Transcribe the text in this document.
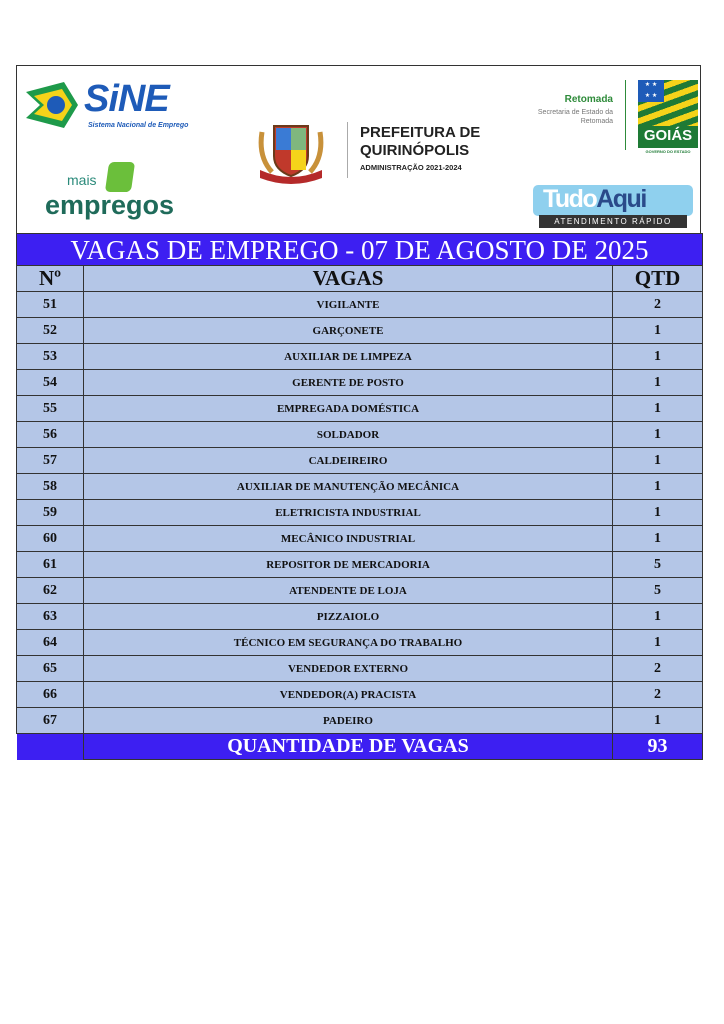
SiNE
Sistema Nacional de Emprego
mais
empregos
PREFEITURA DE
QUIRINÓPOLIS
ADMINISTRAÇÃO 2021-2024
Retomada
Secretaria de Estado da Retomada
★ ★
★ ★
GOIÁS
GOVERNO DO ESTADO
TudoAqui
ATENDIMENTO RÁPIDO
VAGAS DE EMPREGO - 07 DE AGOSTO DE 2025		
Nº	VAGAS	QTD
51	VIGILANTE	2
52	GARÇONETE	1
53	AUXILIAR DE LIMPEZA	1
54	GERENTE DE POSTO	1
55	EMPREGADA DOMÉSTICA	1
56	SOLDADOR	1
57	CALDEIREIRO	1
58	AUXILIAR DE MANUTENÇÃO MECÂNICA	1
59	ELETRICISTA INDUSTRIAL	1
60	MECÂNICO INDUSTRIAL	1
61	REPOSITOR DE MERCADORIA	5
62	ATENDENTE DE LOJA	5
63	PIZZAIOLO	1
64	TÉCNICO EM SEGURANÇA DO TRABALHO	1
65	VENDEDOR EXTERNO	2
66	VENDEDOR(A) PRACISTA	2
67	PADEIRO	1
	QUANTIDADE DE VAGAS	93
